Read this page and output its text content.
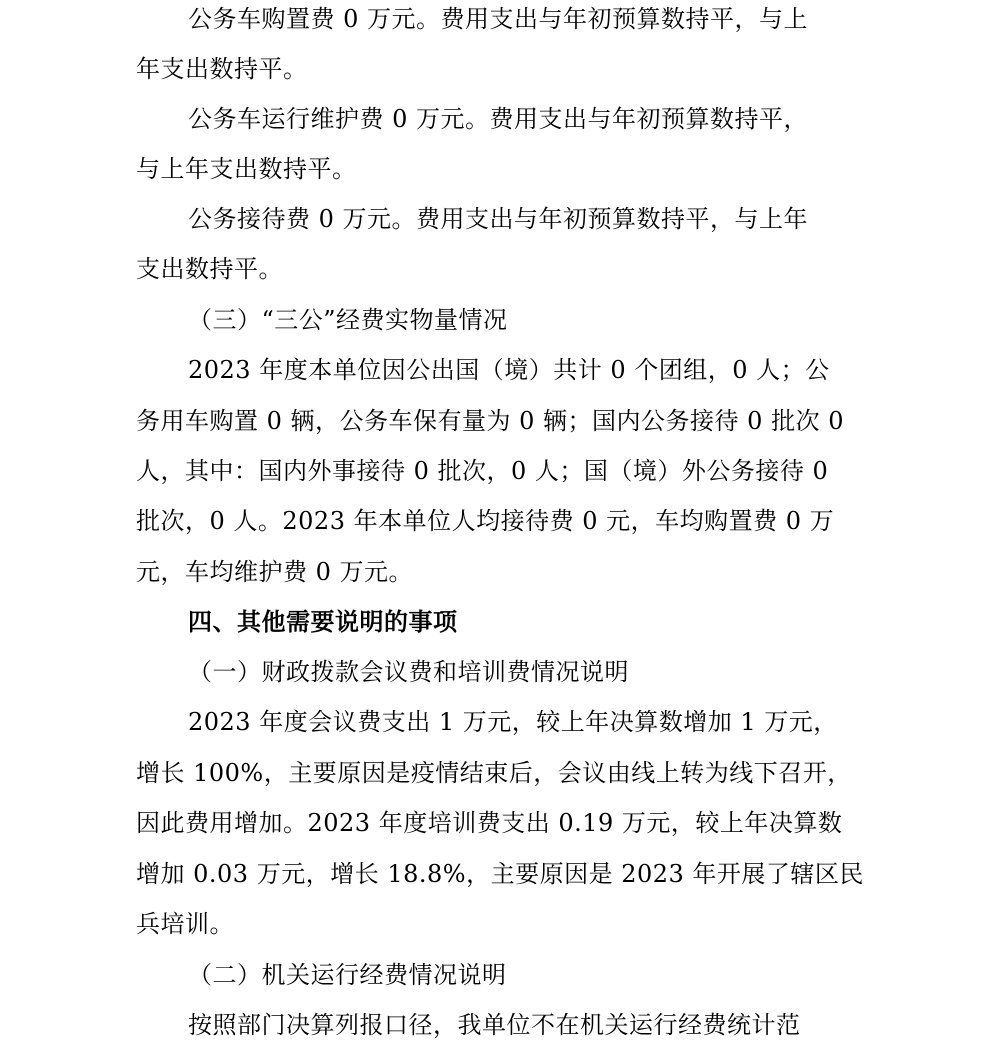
公务车购置费 0 万元。费用支出与年初预算数持平，与上
年支出数持平。
公务车运行维护费 0 万元。费用支出与年初预算数持平，
与上年支出数持平。
公务接待费 0 万元。费用支出与年初预算数持平，与上年
支出数持平。
（三）“三公”经费实物量情况
2023 年度本单位因公出国（境）共计 0 个团组，0 人；公
务用车购置 0 辆，公务车保有量为 0 辆；国内公务接待 0 批次 0
人，其中：国内外事接待 0 批次，0 人；国（境）外公务接待 0
批次，0 人。2023 年本单位人均接待费 0 元，车均购置费 0 万
元，车均维护费 0 万元。
四、其他需要说明的事项
（一）财政拨款会议费和培训费情况说明
2023 年度会议费支出 1 万元，较上年决算数增加 1 万元，
增长 100%，主要原因是疫情结束后，会议由线上转为线下召开，
因此费用增加。2023 年度培训费支出 0.19 万元，较上年决算数
增加 0.03 万元，增长 18.8%，主要原因是 2023 年开展了辖区民
兵培训。
（二）机关运行经费情况说明
按照部门决算列报口径，我单位不在机关运行经费统计范
